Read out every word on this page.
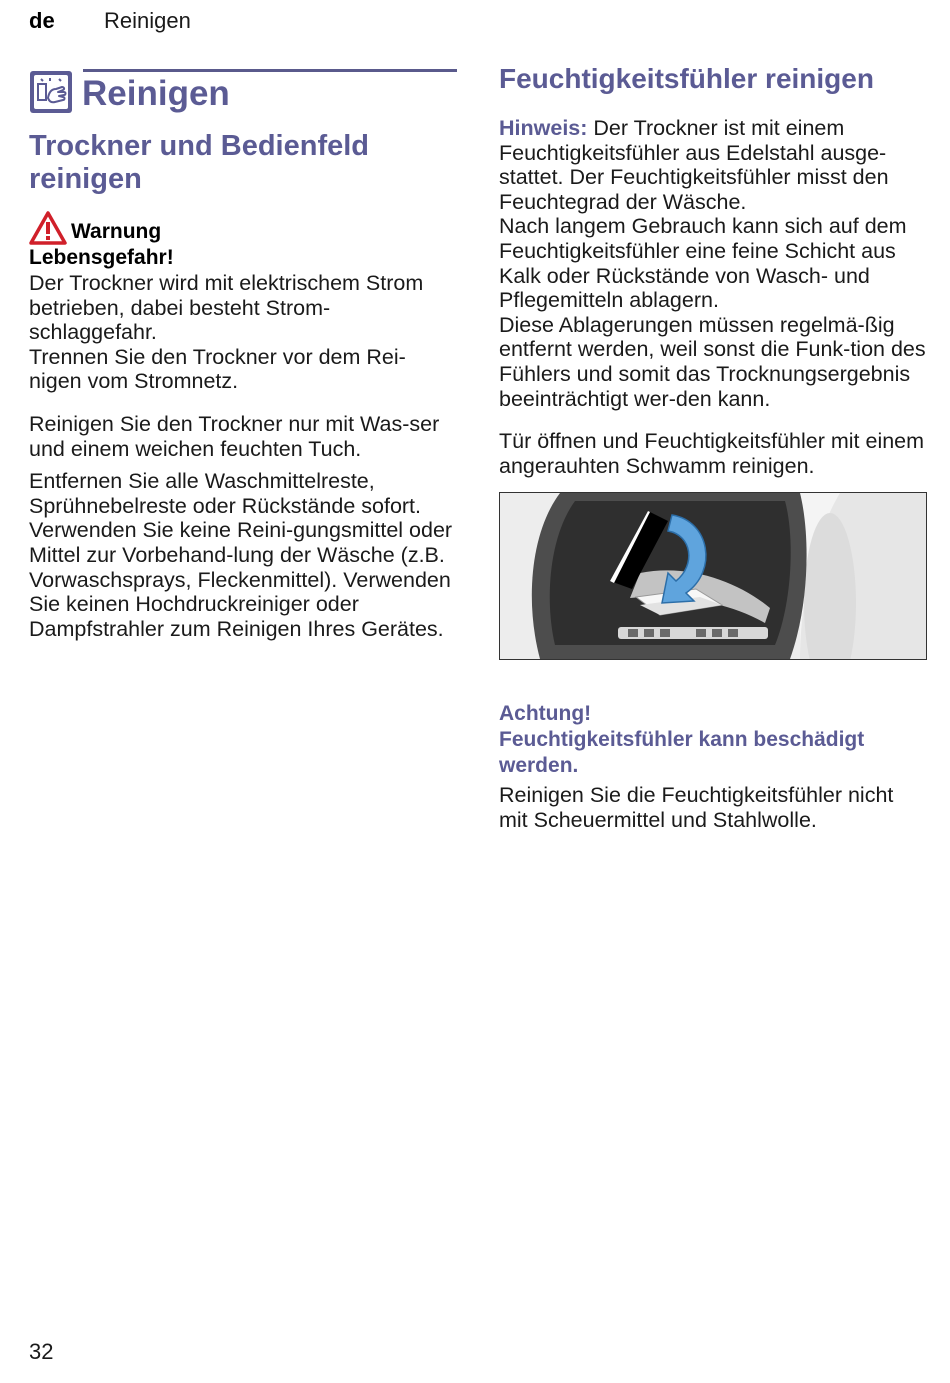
de Reinigen
Reinigen
Trockner und Bedienfeld reinigen
Warnung
Lebensgefahr!

Der Trockner wird mit elektrischem Strom betrieben, dabei besteht Strom-schlaggefahr.

Trennen Sie den Trockner vor dem Rei-nigen vom Stromnetz.

Reinigen Sie den Trockner nur mit Was-ser und einem weichen feuchten Tuch.

Entfernen Sie alle Waschmittelreste, Sprühnebelreste oder Rückstände sofort. Verwenden Sie keine Reini-gungsmittel oder Mittel zur Vorbehand-lung der Wäsche (z.B. Vorwaschsprays, Fleckenmittel). Verwenden Sie keinen Hochdruckreiniger oder Dampfstrahler zum Reinigen Ihres Gerätes.

Feuchtigkeitsfühler reinigen

Hinweis: Der Trockner ist mit einem Feuchtigkeitsfühler aus Edelstahl ausge-stattet. Der Feuchtigkeitsfühler misst den Feuchtegrad der Wäsche.

Nach langem Gebrauch kann sich auf dem Feuchtigkeitsfühler eine feine Schicht aus Kalk oder Rückstände von Wasch- und Pflegemitteln ablagern.

Diese Ablagerungen müssen regelmä-ßig entfernt werden, weil sonst die Funk-tion des Fühlers und somit das Trocknungsergebnis beeinträchtigt wer-den kann.

Tür öffnen und Feuchtigkeitsfühler mit einem angerauhten Schwamm reinigen.

Achtung!
Feuchtigkeitsfühler kann beschädigt werden.

Reinigen Sie die Feuchtigkeitsfühler nicht mit Scheuermittel und Stahlwolle.

32
